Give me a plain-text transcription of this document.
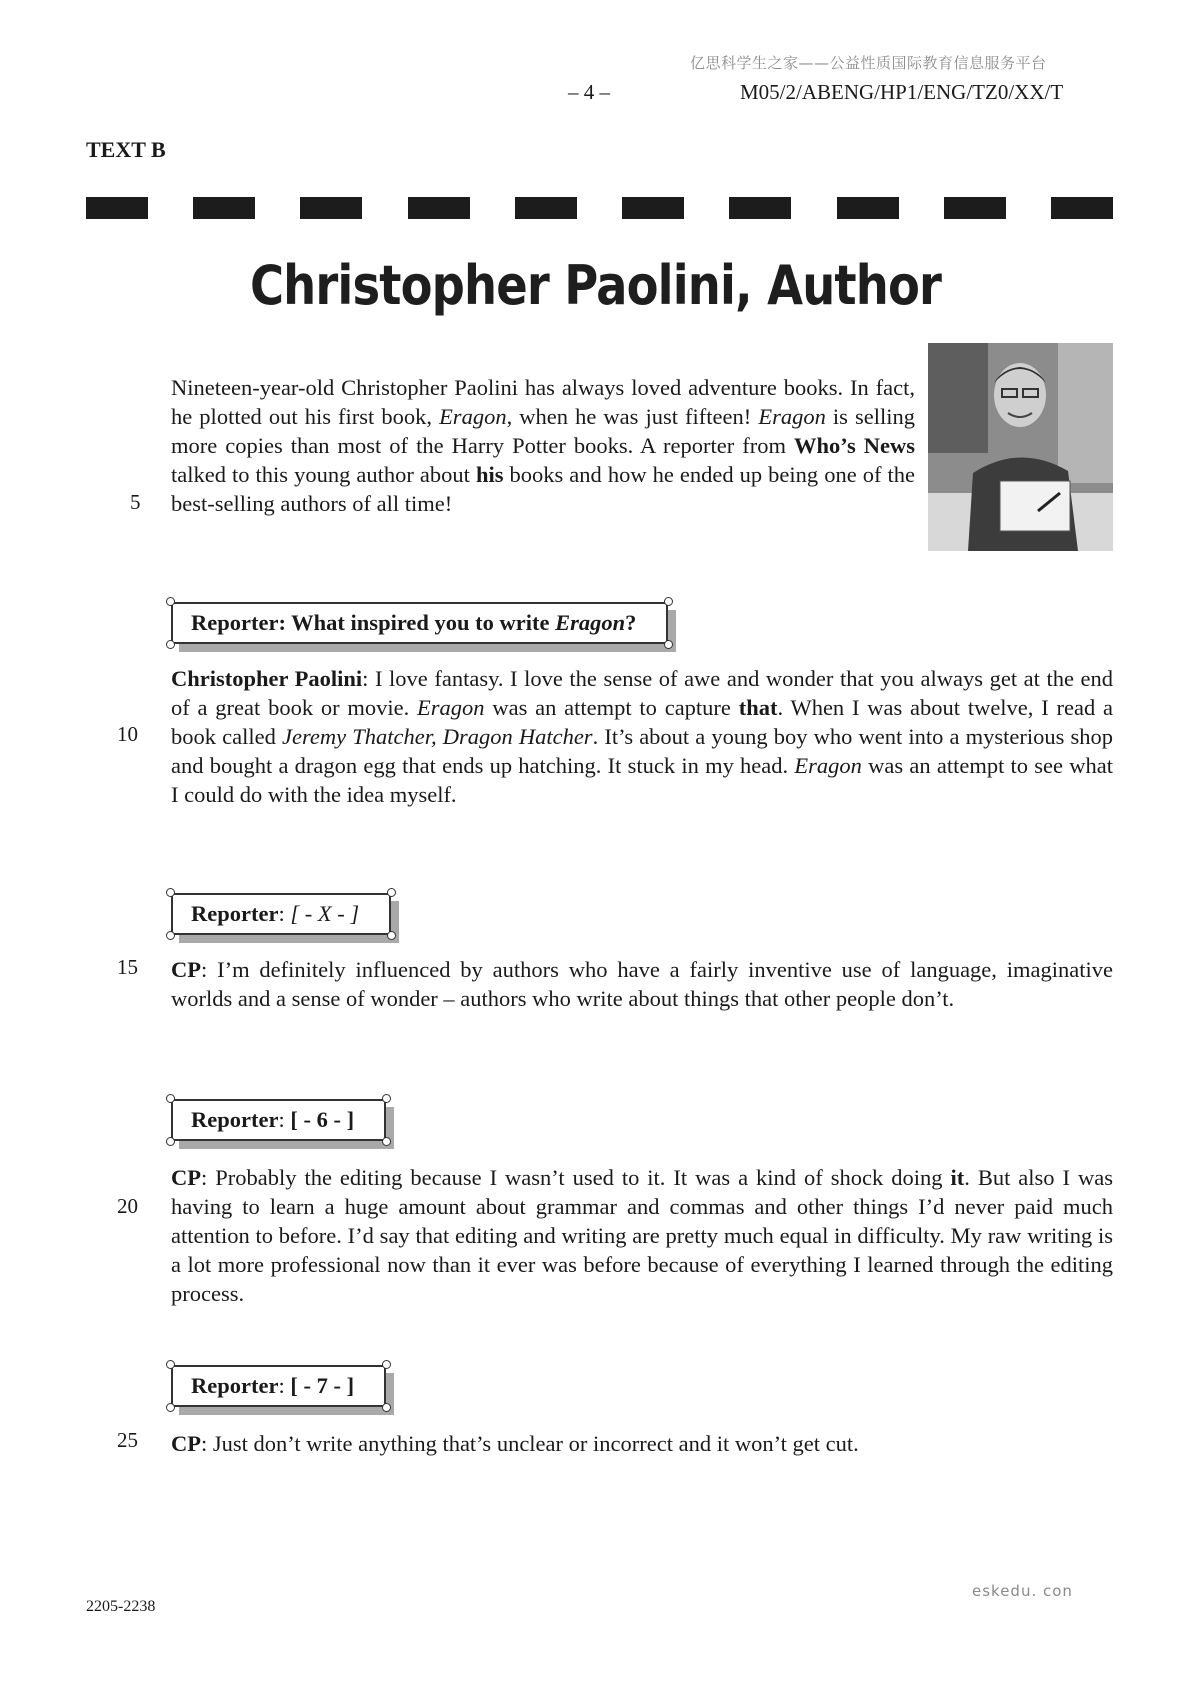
亿思科学生之家——公益性质国际教育信息服务平台
– 4 –	M05/2/ABENG/HP1/ENG/TZ0/XX/T
TEXT B
Christopher Paolini, Author
5
Nineteen-year-old Christopher Paolini has always loved adventure books. In fact, he plotted out his first book, Eragon, when he was just fifteen! Eragon is selling more copies than most of the Harry Potter books. A reporter from Who’s News talked to this young author about his books and how he ended up being one of the best-selling authors of all time!
Reporter: What inspired you to write Eragon?
10
Christopher Paolini: I love fantasy. I love the sense of awe and wonder that you always get at the end of a great book or movie. Eragon was an attempt to capture that. When I was about twelve, I read a book called Jeremy Thatcher, Dragon Hatcher. It’s about a young boy who went into a mysterious shop and bought a dragon egg that ends up hatching. It stuck in my head. Eragon was an attempt to see what I could do with the idea myself.
Reporter: [ - X - ]
15 CP: I’m definitely influenced by authors who have a fairly inventive use of language, imaginative worlds and a sense of wonder – authors who write about things that other people don’t.
Reporter: [ - 6 - ]
20
CP: Probably the editing because I wasn’t used to it. It was a kind of shock doing it. But also I was having to learn a huge amount about grammar and commas and other things I’d never paid much attention to before. I’d say that editing and writing are pretty much equal in difficulty. My raw writing is a lot more professional now than it ever was before because of everything I learned through the editing process.
Reporter: [ - 7 - ]
25 CP: Just don’t write anything that’s unclear or incorrect and it won’t get cut.
2205-2238
eskedu. con
